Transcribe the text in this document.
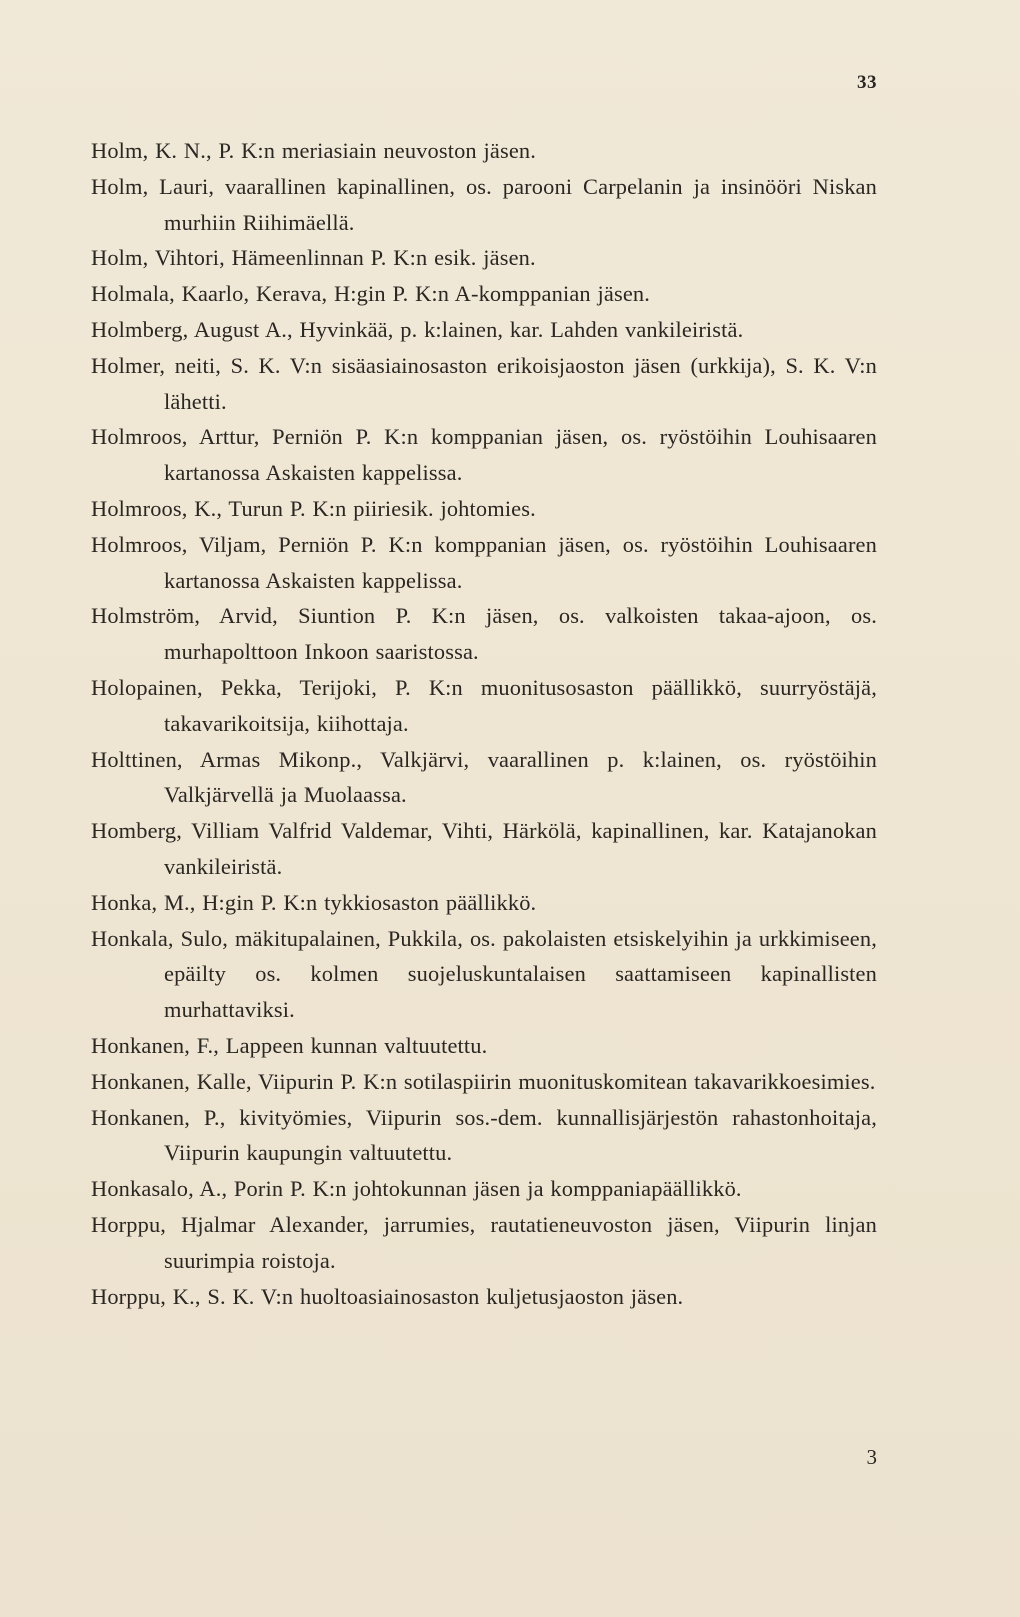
33

Holm, K. N., P. K:n meriasiain neuvoston jäsen.

Holm, Lauri, vaarallinen kapinallinen, os. parooni Carpelanin ja insinööri Niskan murhiin Riihimäellä.

Holm, Vihtori, Hämeenlinnan P. K:n esik. jäsen.

Holmala, Kaarlo, Kerava, H:gin P. K:n A-komppanian jäsen.

Holmberg, August A., Hyvinkää, p. k:lainen, kar. Lahden vankileiristä.

Holmer, neiti, S. K. V:n sisäasiainosaston erikoisjaoston jäsen (urkkija), S. K. V:n lähetti.

Holmroos, Arttur, Perniön P. K:n komppanian jäsen, os. ryöstöihin Louhisaaren kartanossa Askaisten kappelissa.

Holmroos, K., Turun P. K:n piiriesik. johtomies.

Holmroos, Viljam, Perniön P. K:n komppanian jäsen, os. ryöstöihin Louhisaaren kartanossa Askaisten kappelissa.

Holmström, Arvid, Siuntion P. K:n jäsen, os. valkoisten takaa-ajoon, os. murhapolttoon Inkoon saaristossa.

Holopainen, Pekka, Terijoki, P. K:n muonitusosaston päällikkö, suurryöstäjä, takavarikoitsija, kiihottaja.

Holttinen, Armas Mikonp., Valkjärvi, vaarallinen p. k:lainen, os. ryöstöihin Valkjärvellä ja Muolaassa.

Homberg, Villiam Valfrid Valdemar, Vihti, Härkölä, kapinallinen, kar. Katajanokan vankileiristä.

Honka, M., H:gin P. K:n tykkiosaston päällikkö.

Honkala, Sulo, mäkitupalainen, Pukkila, os. pakolaisten etsiskelyihin ja urkkimiseen, epäilty os. kolmen suojeluskuntalaisen saattamiseen kapinallisten murhattaviksi.

Honkanen, F., Lappeen kunnan valtuutettu.

Honkanen, Kalle, Viipurin P. K:n sotilaspiirin muonituskomitean takavarikkoesimies.

Honkanen, P., kivityömies, Viipurin sos.-dem. kunnallisjärjestön rahastonhoitaja, Viipurin kaupungin valtuutettu.

Honkasalo, A., Porin P. K:n johtokunnan jäsen ja komppaniapäällikkö.

Horppu, Hjalmar Alexander, jarrumies, rautatieneuvoston jäsen, Viipurin linjan suurimpia roistoja.

Horppu, K., S. K. V:n huoltoasiainosaston kuljetusjaoston jäsen.

3
